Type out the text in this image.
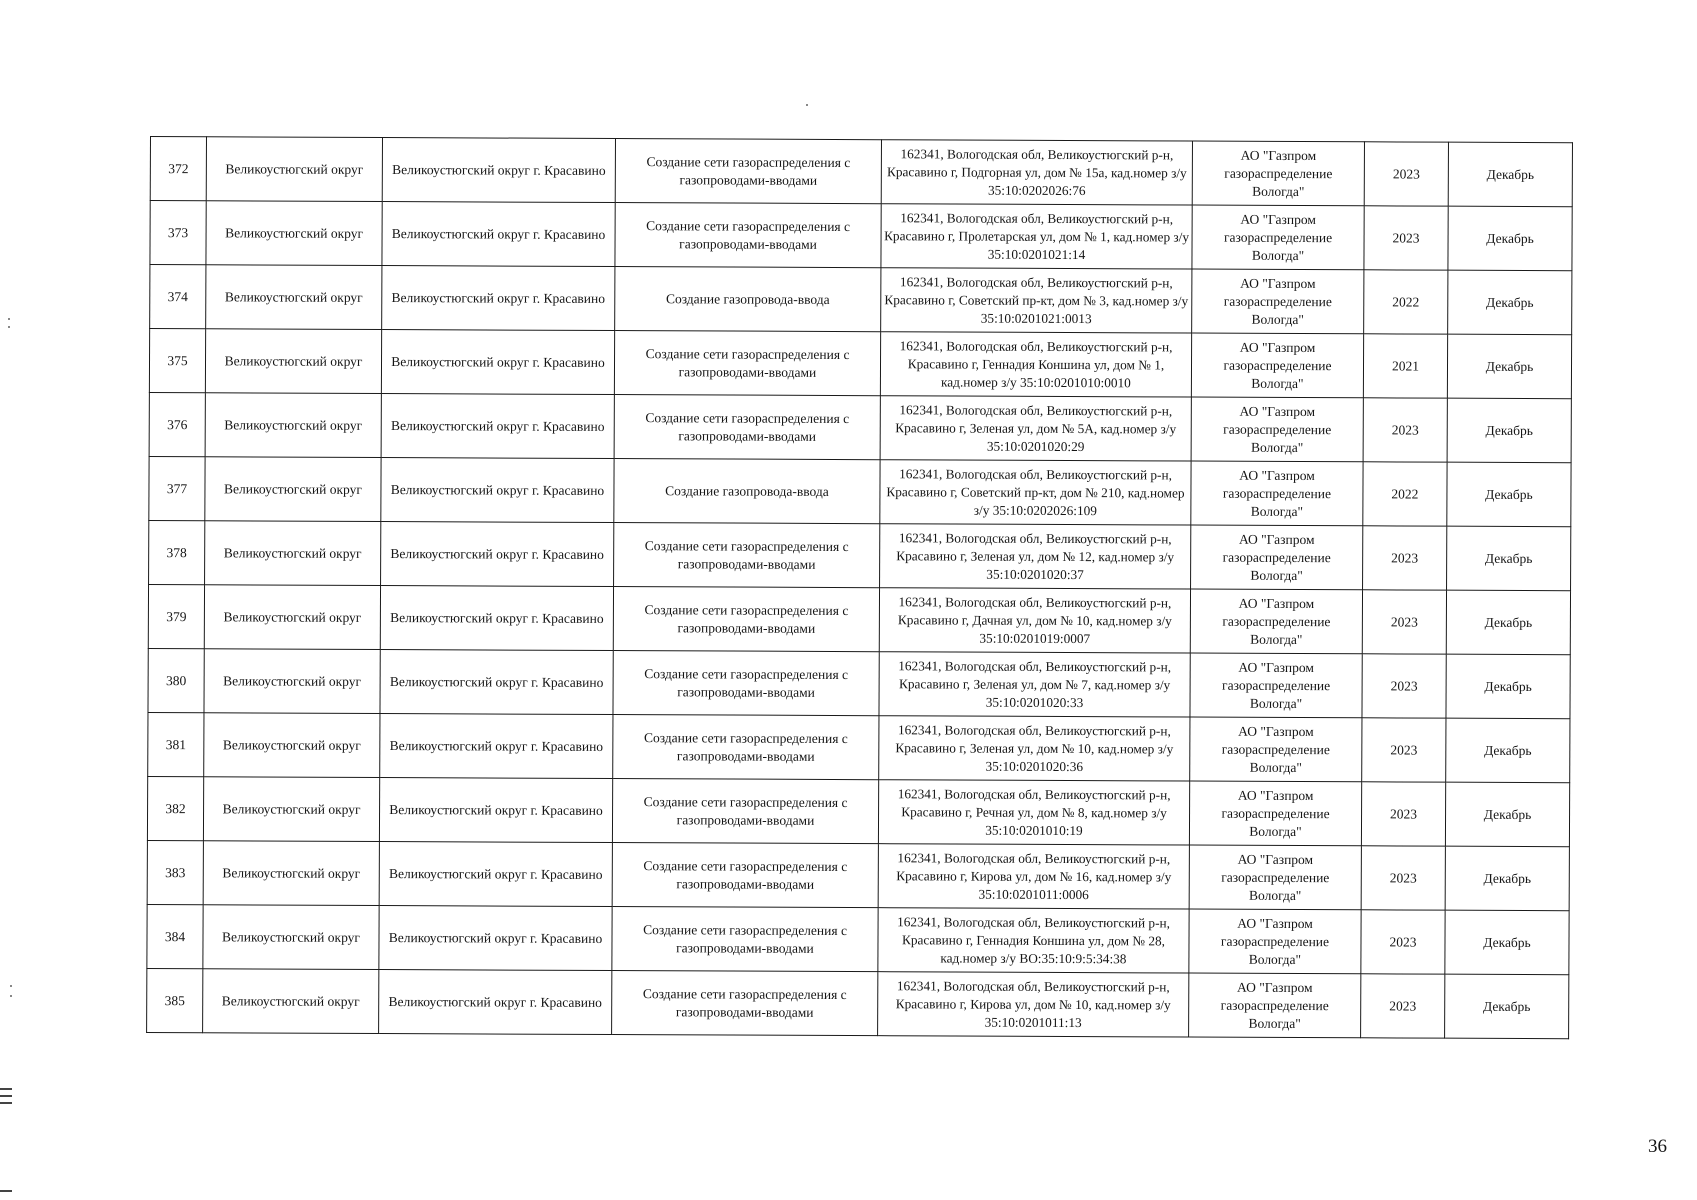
372	Великоустюгский округ	Великоустюгский округ г. Красавино	Создание сети газораспределения с газопроводами-вводами	162341, Вологодская обл, Великоустюгский р-н, Красавино г, Подгорная ул, дом № 15а, кад.номер з/у 35:10:0202026:76	АО "Газпром газораспределение Вологда"	2023	Декабрь
373	Великоустюгский округ	Великоустюгский округ г. Красавино	Создание сети газораспределения с газопроводами-вводами	162341, Вологодская обл, Великоустюгский р-н, Красавино г, Пролетарская ул, дом № 1, кад.номер з/у 35:10:0201021:14	АО "Газпром газораспределение Вологда"	2023	Декабрь
374	Великоустюгский округ	Великоустюгский округ г. Красавино	Создание газопровода-ввода	162341, Вологодская обл, Великоустюгский р-н, Красавино г, Советский пр-кт, дом № 3, кад.номер з/у 35:10:0201021:0013	АО "Газпром газораспределение Вологда"	2022	Декабрь
375	Великоустюгский округ	Великоустюгский округ г. Красавино	Создание сети газораспределения с газопроводами-вводами	162341, Вологодская обл, Великоустюгский р-н, Красавино г, Геннадия Коншина ул, дом № 1, кад.номер з/у 35:10:0201010:0010	АО "Газпром газораспределение Вологда"	2021	Декабрь
376	Великоустюгский округ	Великоустюгский округ г. Красавино	Создание сети газораспределения с газопроводами-вводами	162341, Вологодская обл, Великоустюгский р-н, Красавино г, Зеленая ул, дом № 5А, кад.номер з/у 35:10:0201020:29	АО "Газпром газораспределение Вологда"	2023	Декабрь
377	Великоустюгский округ	Великоустюгский округ г. Красавино	Создание газопровода-ввода	162341, Вологодская обл, Великоустюгский р-н, Красавино г, Советский пр-кт, дом № 210, кад.номер з/у 35:10:0202026:109	АО "Газпром газораспределение Вологда"	2022	Декабрь
378	Великоустюгский округ	Великоустюгский округ г. Красавино	Создание сети газораспределения с газопроводами-вводами	162341, Вологодская обл, Великоустюгский р-н, Красавино г, Зеленая ул, дом № 12, кад.номер з/у 35:10:0201020:37	АО "Газпром газораспределение Вологда"	2023	Декабрь
379	Великоустюгский округ	Великоустюгский округ г. Красавино	Создание сети газораспределения с газопроводами-вводами	162341, Вологодская обл, Великоустюгский р-н, Красавино г, Дачная ул, дом № 10, кад.номер з/у 35:10:0201019:0007	АО "Газпром газораспределение Вологда"	2023	Декабрь
380	Великоустюгский округ	Великоустюгский округ г. Красавино	Создание сети газораспределения с газопроводами-вводами	162341, Вологодская обл, Великоустюгский р-н, Красавино г, Зеленая ул, дом № 7, кад.номер з/у 35:10:0201020:33	АО "Газпром газораспределение Вологда"	2023	Декабрь
381	Великоустюгский округ	Великоустюгский округ г. Красавино	Создание сети газораспределения с газопроводами-вводами	162341, Вологодская обл, Великоустюгский р-н, Красавино г, Зеленая ул, дом № 10, кад.номер з/у 35:10:0201020:36	АО "Газпром газораспределение Вологда"	2023	Декабрь
382	Великоустюгский округ	Великоустюгский округ г. Красавино	Создание сети газораспределения с газопроводами-вводами	162341, Вологодская обл, Великоустюгский р-н, Красавино г, Речная ул, дом № 8, кад.номер з/у 35:10:0201010:19	АО "Газпром газораспределение Вологда"	2023	Декабрь
383	Великоустюгский округ	Великоустюгский округ г. Красавино	Создание сети газораспределения с газопроводами-вводами	162341, Вологодская обл, Великоустюгский р-н, Красавино г, Кирова ул, дом № 16, кад.номер з/у 35:10:0201011:0006	АО "Газпром газораспределение Вологда"	2023	Декабрь
384	Великоустюгский округ	Великоустюгский округ г. Красавино	Создание сети газораспределения с газопроводами-вводами	162341, Вологодская обл, Великоустюгский р-н, Красавино г, Геннадия Коншина ул, дом № 28, кад.номер з/у ВО:35:10:9:5:34:38	АО "Газпром газораспределение Вологда"	2023	Декабрь
385	Великоустюгский округ	Великоустюгский округ г. Красавино	Создание сети газораспределения с газопроводами-вводами	162341, Вологодская обл, Великоустюгский р-н, Красавино г, Кирова ул, дом № 10, кад.номер з/у 35:10:0201011:13	АО "Газпром газораспределение Вологда"	2023	Декабрь
36
